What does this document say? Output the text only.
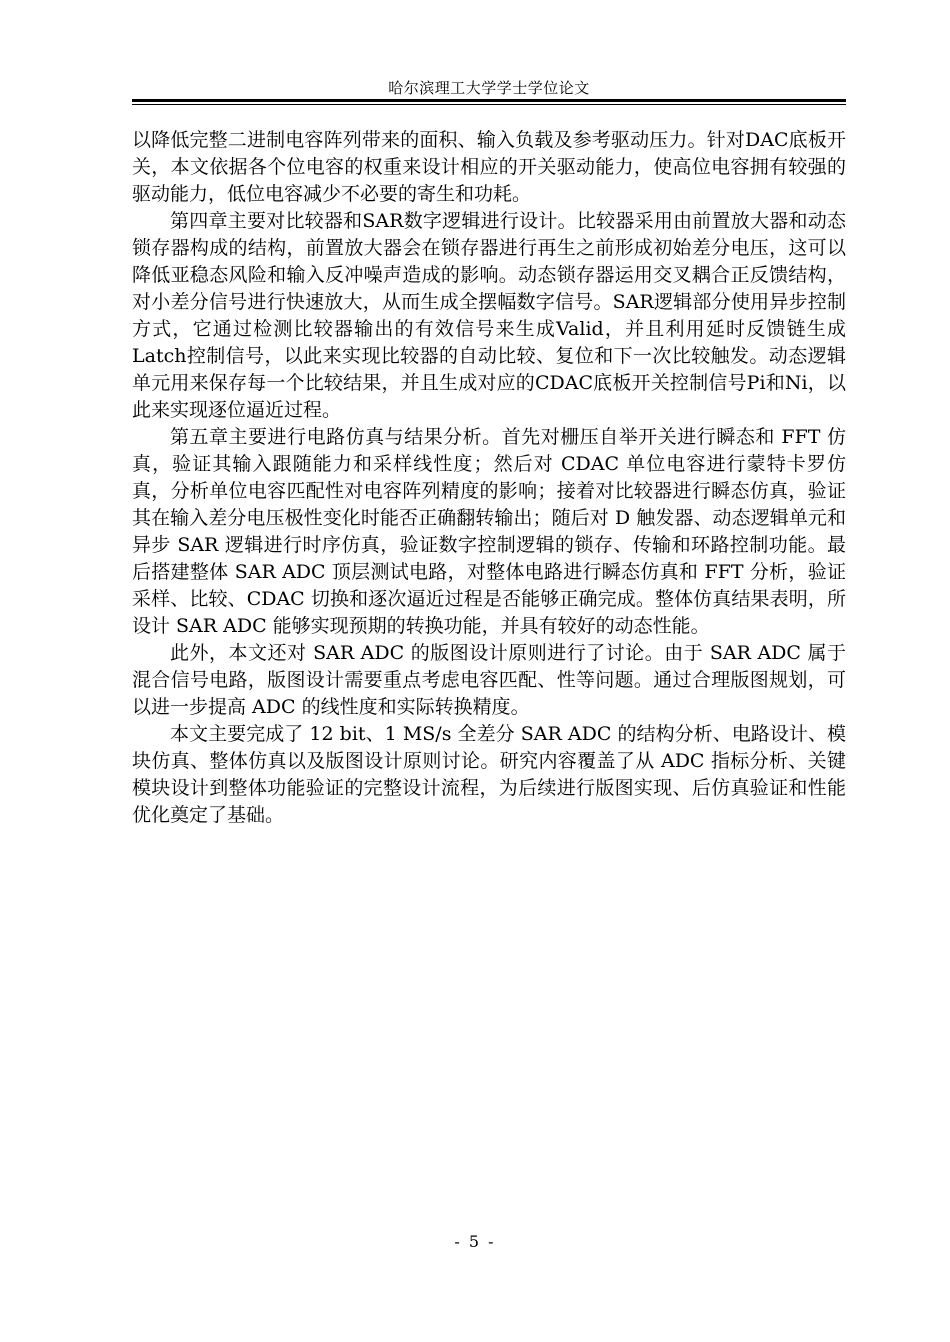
哈尔滨理工大学学士学位论文

以降低完整二进制电容阵列带来的面积、输入负载及参考驱动压力。针对DAC底板开关，本文依据各个位电容的权重来设计相应的开关驱动能力，使高位电容拥有较强的驱动能力，低位电容减少不必要的寄生和功耗。

第四章主要对比较器和SAR数字逻辑进行设计。比较器采用由前置放大器和动态锁存器构成的结构，前置放大器会在锁存器进行再生之前形成初始差分电压，这可以降低亚稳态风险和输入反冲噪声造成的影响。动态锁存器运用交叉耦合正反馈结构，对小差分信号进行快速放大，从而生成全摆幅数字信号。SAR逻辑部分使用异步控制方式，它通过检测比较器输出的有效信号来生成Valid，并且利用延时反馈链生成Latch控制信号，以此来实现比较器的自动比较、复位和下一次比较触发。动态逻辑单元用来保存每一个比较结果，并且生成对应的CDAC底板开关控制信号Pi和Ni，以此来实现逐位逼近过程。

第五章主要进行电路仿真与结果分析。首先对栅压自举开关进行瞬态和 FFT 仿真，验证其输入跟随能力和采样线性度；然后对 CDAC 单位电容进行蒙特卡罗仿真，分析单位电容匹配性对电容阵列精度的影响；接着对比较器进行瞬态仿真，验证其在输入差分电压极性变化时能否正确翻转输出；随后对 D 触发器、动态逻辑单元和异步 SAR 逻辑进行时序仿真，验证数字控制逻辑的锁存、传输和环路控制功能。最后搭建整体 SAR ADC 顶层测试电路，对整体电路进行瞬态仿真和 FFT 分析，验证采样、比较、CDAC 切换和逐次逼近过程是否能够正确完成。整体仿真结果表明，所设计 SAR ADC 能够实现预期的转换功能，并具有较好的动态性能。

此外，本文还对 SAR ADC 的版图设计原则进行了讨论。由于 SAR ADC 属于混合信号电路，版图设计需要重点考虑电容匹配、性等问题。通过合理版图规划，可以进一步提高 ADC 的线性度和实际转换精度。

本文主要完成了 12 bit、1 MS/s 全差分 SAR ADC 的结构分析、电路设计、模块仿真、整体仿真以及版图设计原则讨论。研究内容覆盖了从 ADC 指标分析、关键模块设计到整体功能验证的完整设计流程，为后续进行版图实现、后仿真验证和性能优化奠定了基础。

- 5 -
